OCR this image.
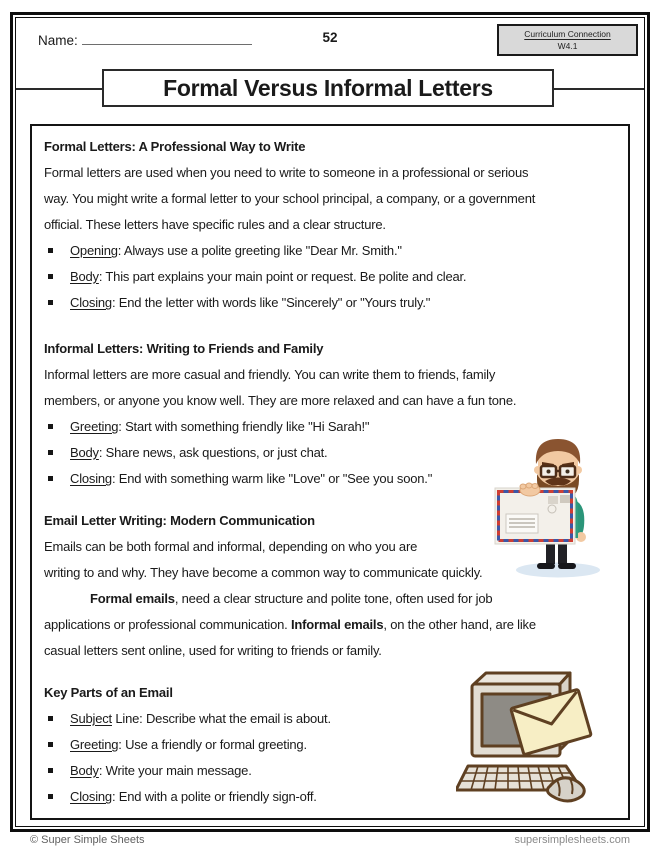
Name:	52	Curriculum Connection
W4.1
Formal Versus Informal Letters
Formal Letters: A Professional Way to Write
Formal letters are used when you need to write to someone in a professional or serious
way. You might write a formal letter to your school principal, a company, or a government
official. These letters have specific rules and a clear structure.
Opening: Always use a polite greeting like "Dear Mr. Smith."
Body: This part explains your main point or request. Be polite and clear.
Closing: End the letter with words like "Sincerely" or "Yours truly."
Informal Letters: Writing to Friends and Family
Informal letters are more casual and friendly. You can write them to friends, family
members, or anyone you know well. They are more relaxed and can have a fun tone.
Greeting: Start with something friendly like "Hi Sarah!"
Body: Share news, ask questions, or just chat.
Closing: End with something warm like "Love" or "See you soon."
Email Letter Writing: Modern Communication
Emails can be both formal and informal, depending on who you are
writing to and why. They have become a common way to communicate quickly.
Formal emails, need a clear structure and polite tone, often used for job
applications or professional communication. Informal emails, on the other hand, are like
casual letters sent online, used for writing to friends or family.
Key Parts of an Email
Subject Line: Describe what the email is about.
Greeting: Use a friendly or formal greeting.
Body: Write your main message.
Closing: End with a polite or friendly sign-off.
© Super Simple Sheets	supersimplesheets.com
